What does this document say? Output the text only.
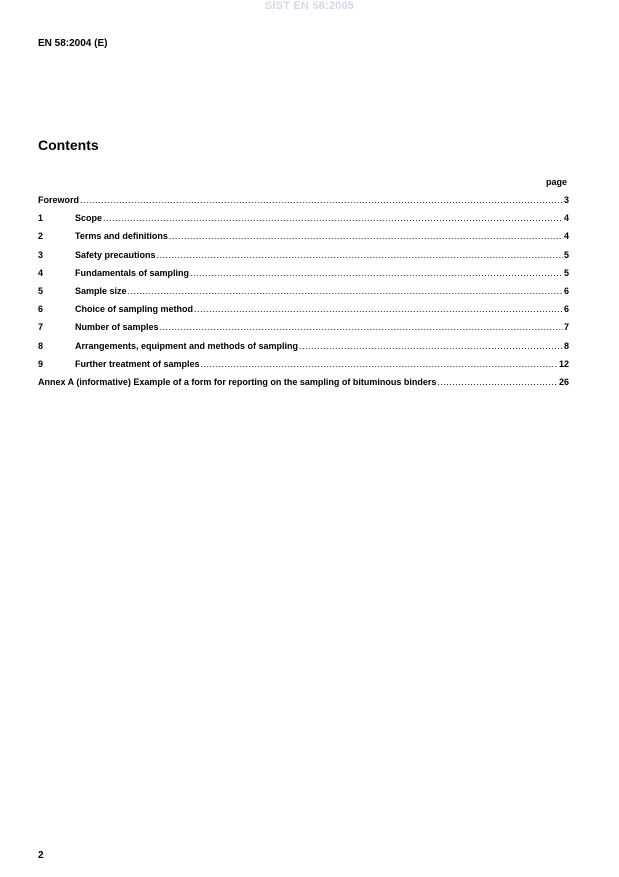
SIST EN 58:2005
EN 58:2004 (E)
Contents
page
Foreword .....	3
1	Scope .....	4
2	Terms and definitions .....	4
3	Safety precautions .....	5
4	Fundamentals of sampling .....	5
5	Sample size .....	6
6	Choice of sampling method .....	6
7	Number of samples .....	7
8	Arrangements, equipment and methods of sampling .....	8
9	Further treatment of samples .....	12
Annex A (informative) Example of a form for reporting on the sampling of bituminous binders .....	26
2
